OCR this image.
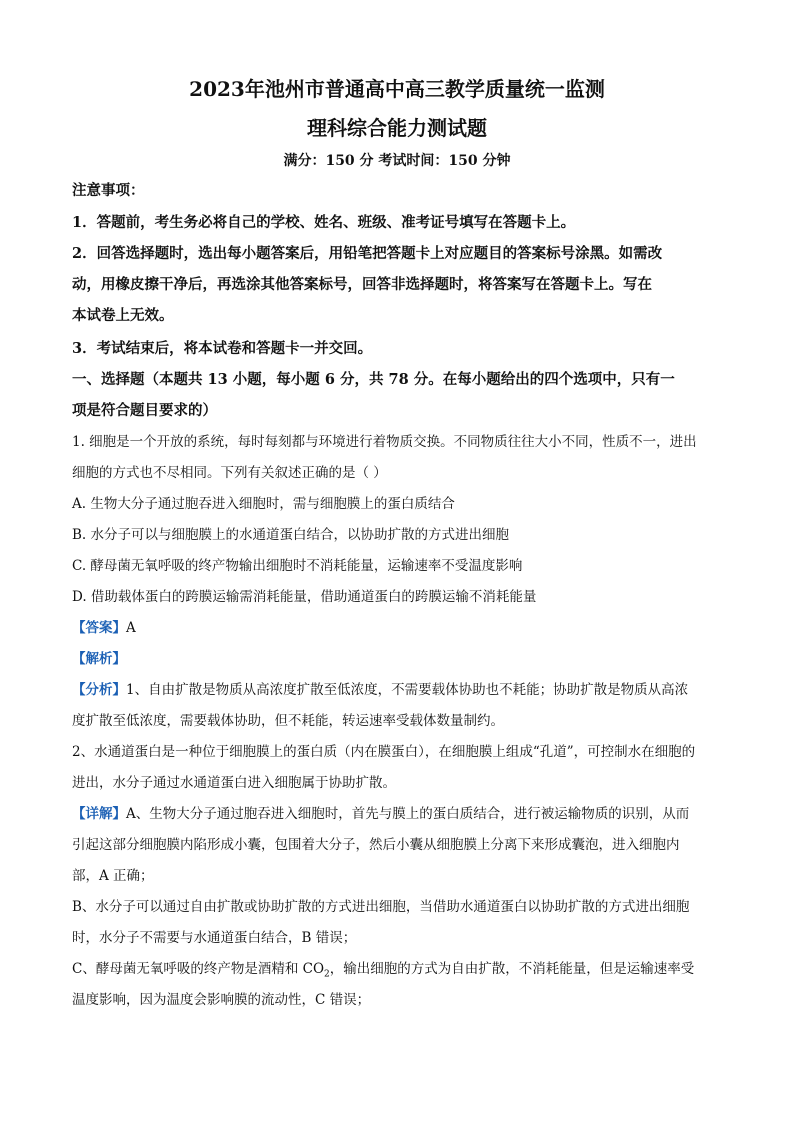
2023年池州市普通高中高三教学质量统一监测
理科综合能力测试题
满分：150 分 考试时间：150 分钟
注意事项：
1．答题前，考生务必将自己的学校、姓名、班级、准考证号填写在答题卡上。
2．回答选择题时，选出每小题答案后，用铅笔把答题卡上对应题目的答案标号涂黑。如需改
动，用橡皮擦干净后，再选涂其他答案标号，回答非选择题时，将答案写在答题卡上。写在
本试卷上无效。
3．考试结束后，将本试卷和答题卡一并交回。
一、选择题（本题共 13 小题，每小题 6 分，共 78 分。在每小题给出的四个选项中，只有一
项是符合题目要求的）
1. 细胞是一个开放的系统，每时每刻都与环境进行着物质交换。不同物质往往大小不同，性质不一，进出
细胞的方式也不尽相同。下列有关叙述正确的是（ ）
A. 生物大分子通过胞吞进入细胞时，需与细胞膜上的蛋白质结合
B. 水分子可以与细胞膜上的水通道蛋白结合，以协助扩散的方式进出细胞
C. 酵母菌无氧呼吸的终产物输出细胞时不消耗能量，运输速率不受温度影响
D. 借助载体蛋白的跨膜运输需消耗能量，借助通道蛋白的跨膜运输不消耗能量
【答案】A
【解析】
【分析】1、自由扩散是物质从高浓度扩散至低浓度，不需要载体协助也不耗能；协助扩散是物质从高浓
度扩散至低浓度，需要载体协助，但不耗能，转运速率受载体数量制约。
2、水通道蛋白是一种位于细胞膜上的蛋白质（内在膜蛋白），在细胞膜上组成“孔道”，可控制水在细胞的
进出，水分子通过水通道蛋白进入细胞属于协助扩散。
【详解】A、生物大分子通过胞吞进入细胞时，首先与膜上的蛋白质结合，进行被运输物质的识别，从而
引起这部分细胞膜内陷形成小囊，包围着大分子，然后小囊从细胞膜上分离下来形成囊泡，进入细胞内
部，A 正确；
B、水分子可以通过自由扩散或协助扩散的方式进出细胞，当借助水通道蛋白以协助扩散的方式进出细胞
时，水分子不需要与水通道蛋白结合，B 错误；
C、酵母菌无氧呼吸的终产物是酒精和 $CO_2$，输出细胞的方式为自由扩散，不消耗能量，但是运输速率受
温度影响，因为温度会影响膜的流动性，C 错误；
